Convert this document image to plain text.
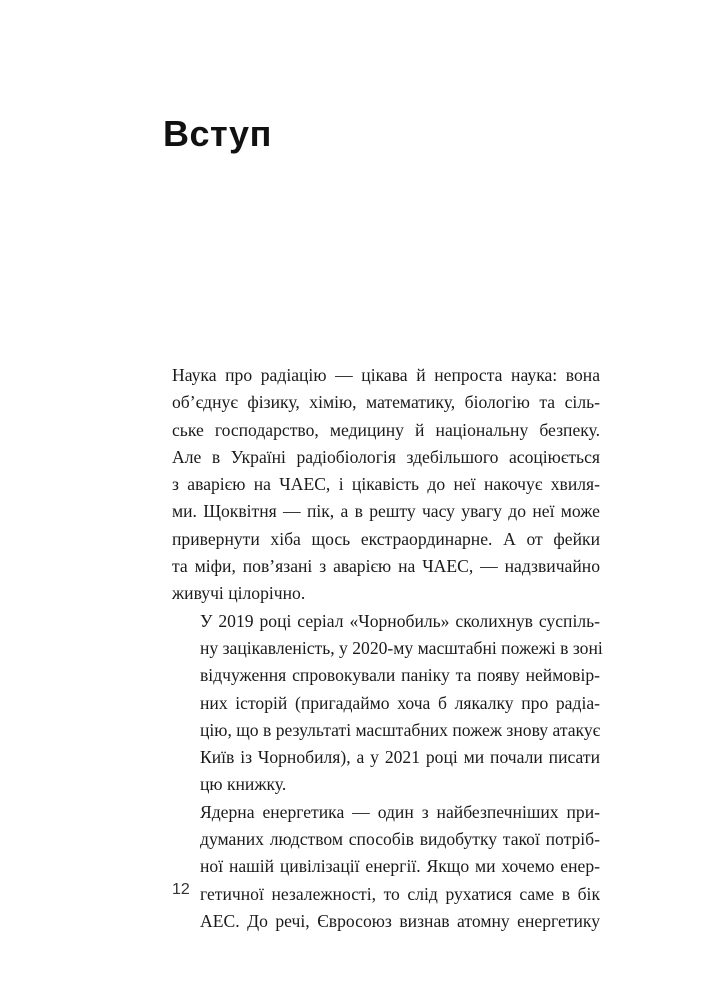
Вступ

Наука про радіацію — цікава й непроста наука: вона
об’єднує фізику, хімію, математику, біологію та сіль-
ське господарство, медицину й національну безпеку.
Але в Україні радіобіологія здебільшого асоціюється
з аварією на ЧАЕС, і цікавість до неї накочує хвиля-
ми. Щоквітня — пік, а в решту часу увагу до неї може
привернути хіба щось екстраординарне. А от фейки
та міфи, пов’язані з аварією на ЧАЕС, — надзвичайно
живучі цілорічно.

У 2019 році серіал «Чорнобиль» сколихнув суспіль-
ну зацікавленість, у 2020-му масштабні пожежі в зоні
відчуження спровокували паніку та появу неймовір-
них історій (пригадаймо хоча б лякалку про радіа-
цію, що в результаті масштабних пожеж знову атакує
Київ із Чорнобиля), а у 2021 році ми почали писати
цю книжку.

Ядерна енергетика — один з найбезпечніших при-
думаних людством способів видобутку такої потріб-
ної нашій цивілізації енергії. Якщо ми хочемо енер-
гетичної незалежності, то слід рухатися саме в бік
АЕС. До речі, Євросоюз визнав атомну енергетику

12
